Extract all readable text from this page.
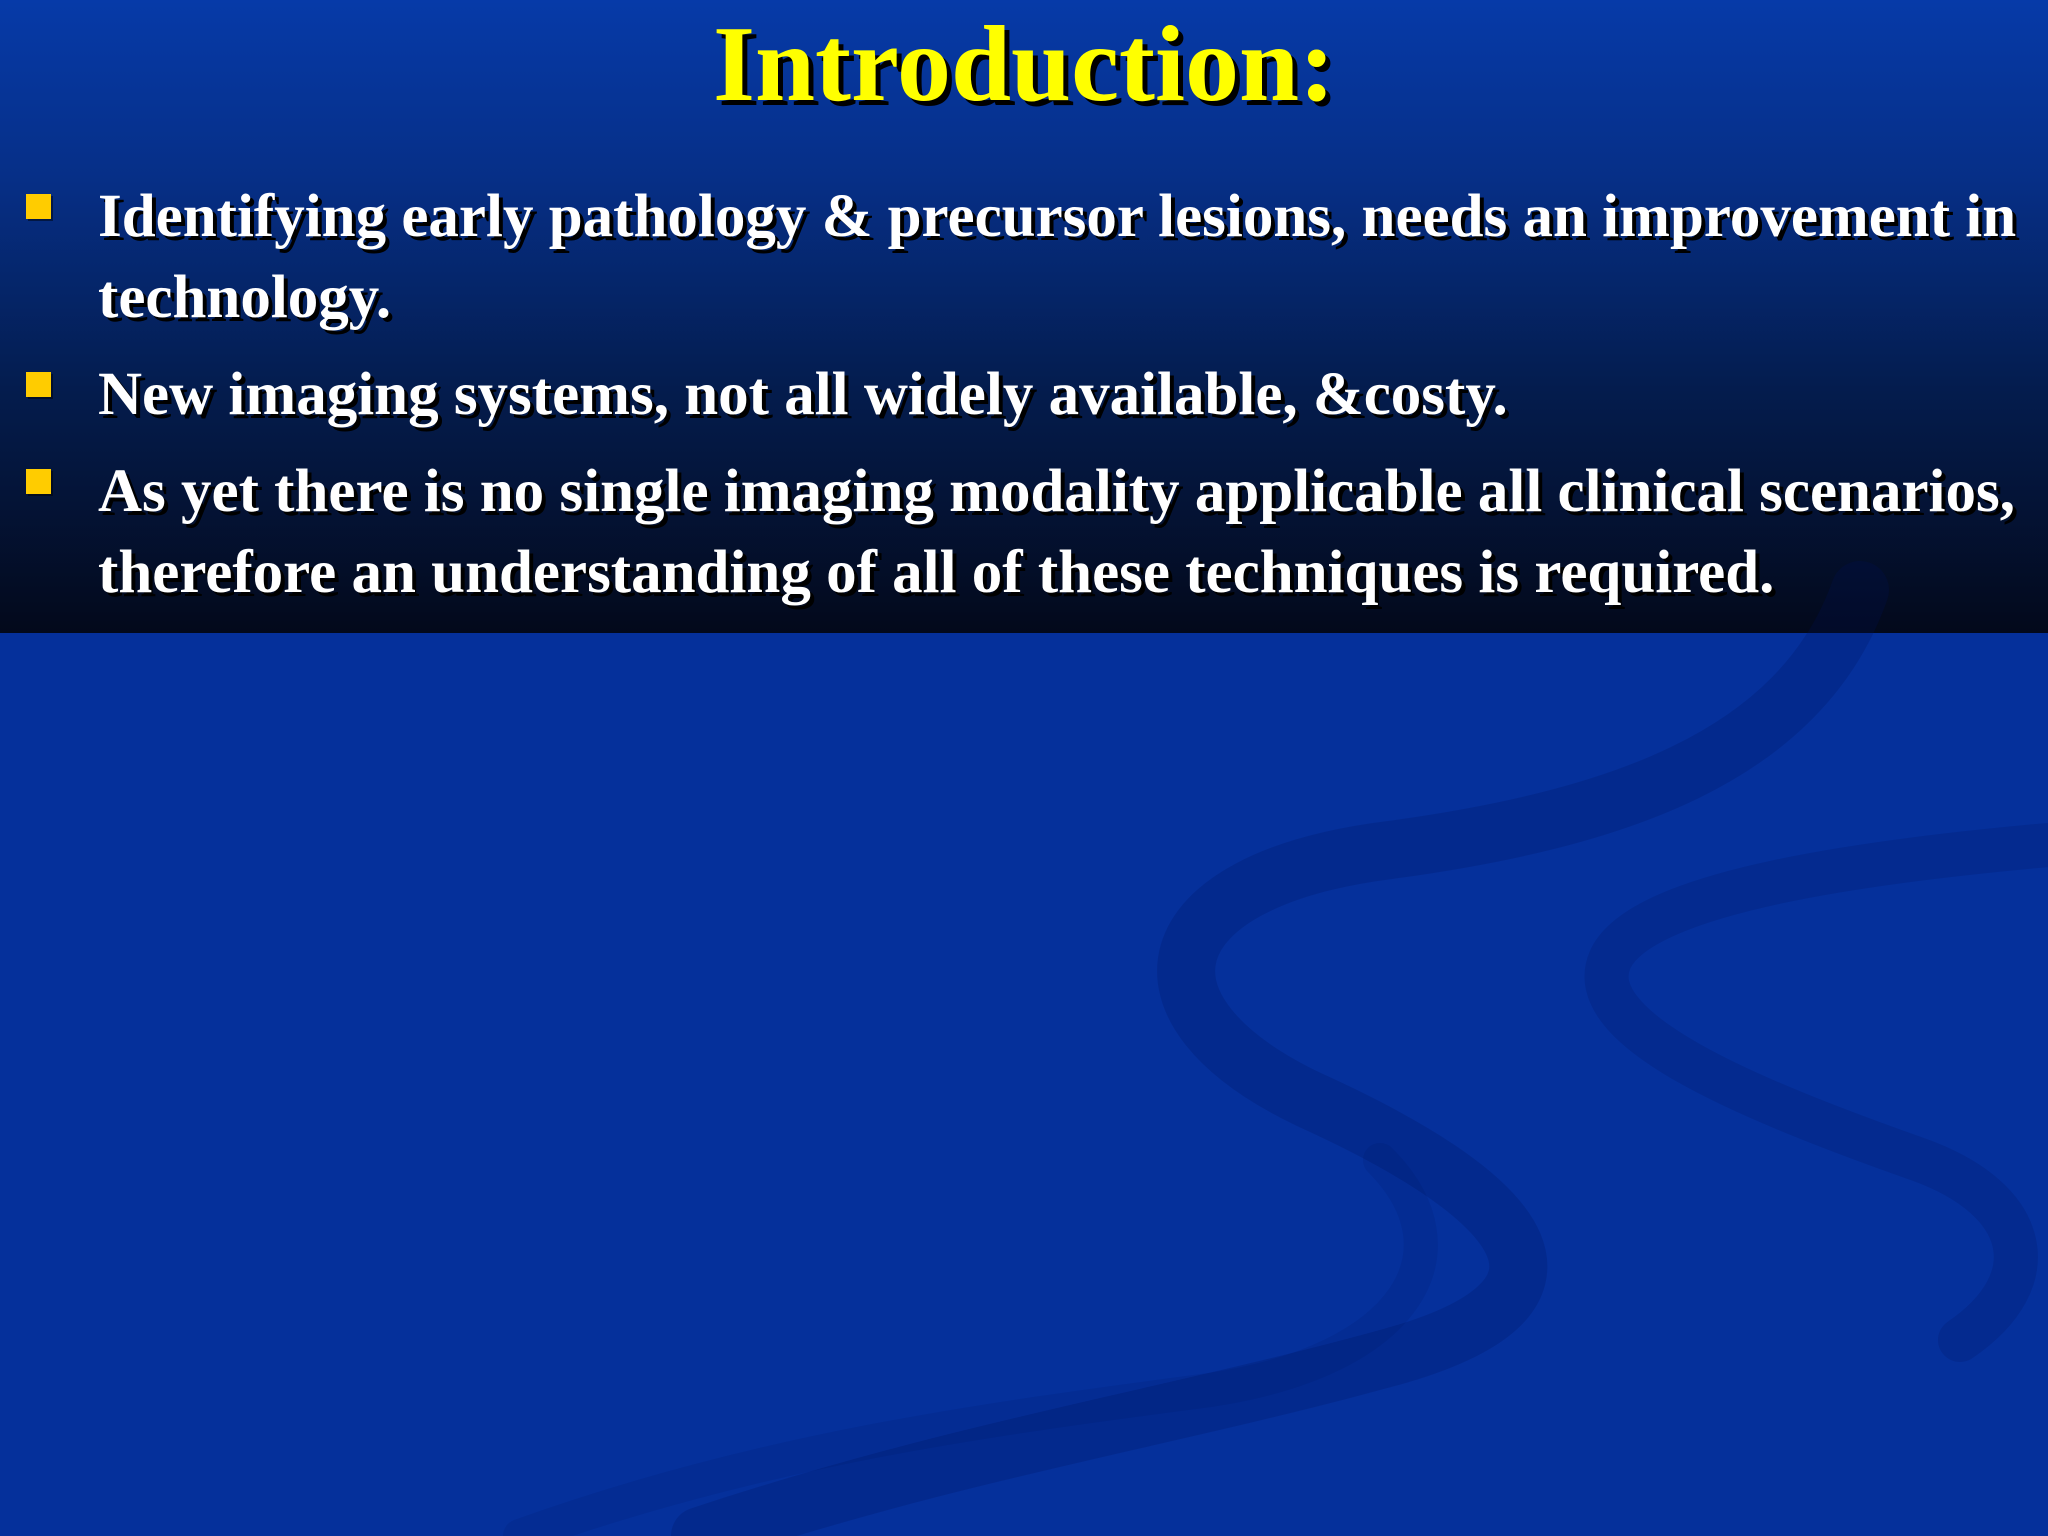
Introduction:
Identifying early pathology & precursor lesions, needs an improvement in technology.
New imaging systems, not all widely available, &costy.
As yet there is no single imaging modality applicable all clinical scenarios, therefore an understanding of all of these techniques is required.
